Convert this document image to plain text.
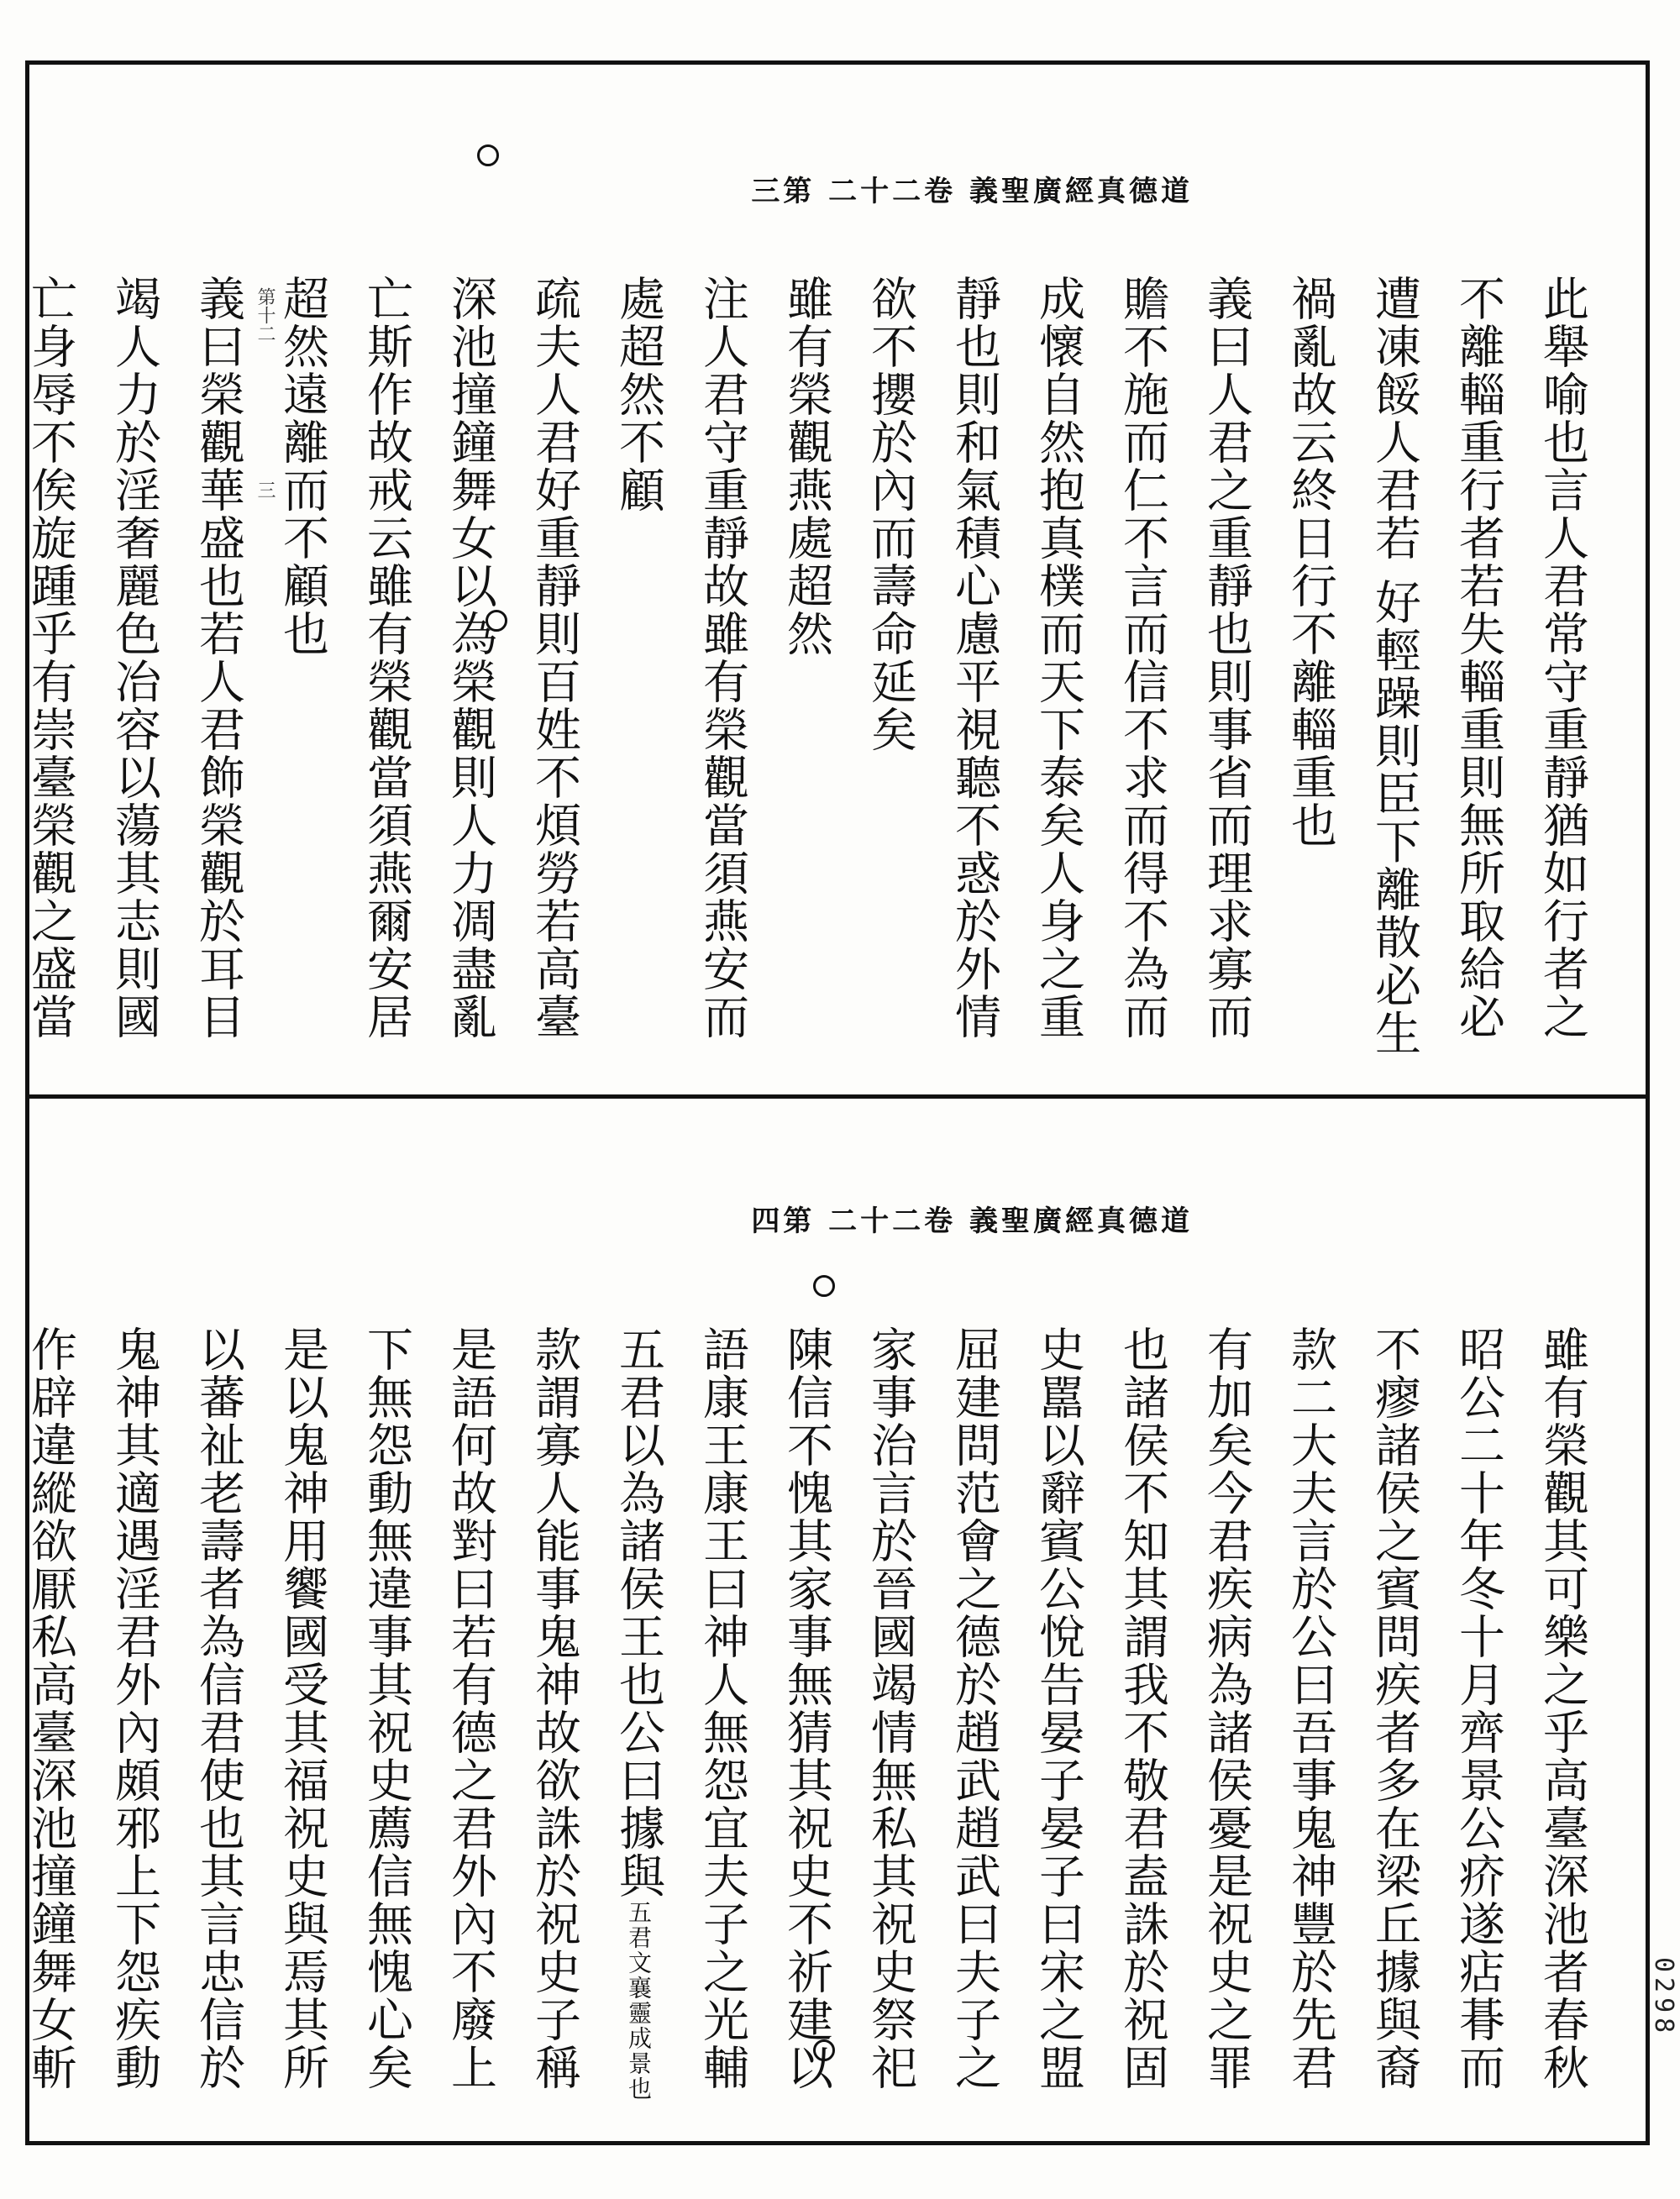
道德真經廣聖義 卷二十二 第三
第十二
三	此舉喻也言人君常守重靜猶如行者之
不離輜重行者若失輜重則無所取給必
遭凍餒人君若 好輕躁則臣下離散必生
禍亂故云終日行不離輜重也
義曰人君之重靜也則事省而理求寡而
贍不施而仁不言而信不求而得不為而
成懷自然抱真樸而天下泰矣人身之重
靜也則和氣積心慮平視聽不惑於外情
欲不攖於內而壽命延矣
雖有榮觀燕處超然
注人君守重靜故雖有榮觀當須燕安而
處超然不顧
疏夫人君好重靜則百姓不煩勞若高臺
深池撞鐘舞女以為榮觀則人力凋盡亂
亡斯作故戒云雖有榮觀當須燕爾安居
超然遠離而不顧也
義曰榮觀華盛也若人君飾榮觀於耳目
竭人力於淫奢麗色冶容以蕩其志則國
亡身辱不俟旋踵乎有崇臺榮觀之盛當
道德真經廣聖義 卷二十二 第四
雖有榮觀其可樂之乎高臺深池者春秋
昭公二十年冬十月齊景公疥遂痁朞而
不瘳諸侯之賓問疾者多在梁丘據與裔
款二大夫言於公曰吾事鬼神豐於先君
有加矣今君疾病為諸侯憂是祝史之罪
也諸侯不知其謂我不敬君盍誅於祝固
史嚚以辭賓公悅告晏子晏子曰宋之盟
屈建問范會之德於趙武趙武曰夫子之
家事治言於晉國竭情無私其祝史祭祀
陳信不愧其家事無猜其祝史不祈建以
語康王康王曰神人無怨宜夫子之光輔
五君以為諸侯王也公曰據與五君文襄靈成景也
款謂寡人能事鬼神故欲誅於祝史子稱
是語何故對曰若有德之君外內不廢上
下無怨動無違事其祝史薦信無愧心矣
是以鬼神用饗國受其福祝史與焉其所
以蕃祉老壽者為信君使也其言忠信於
鬼神其適遇淫君外內頗邪上下怨疾動
作辟違縱欲厭私高臺深池撞鐘舞女斬	0298
